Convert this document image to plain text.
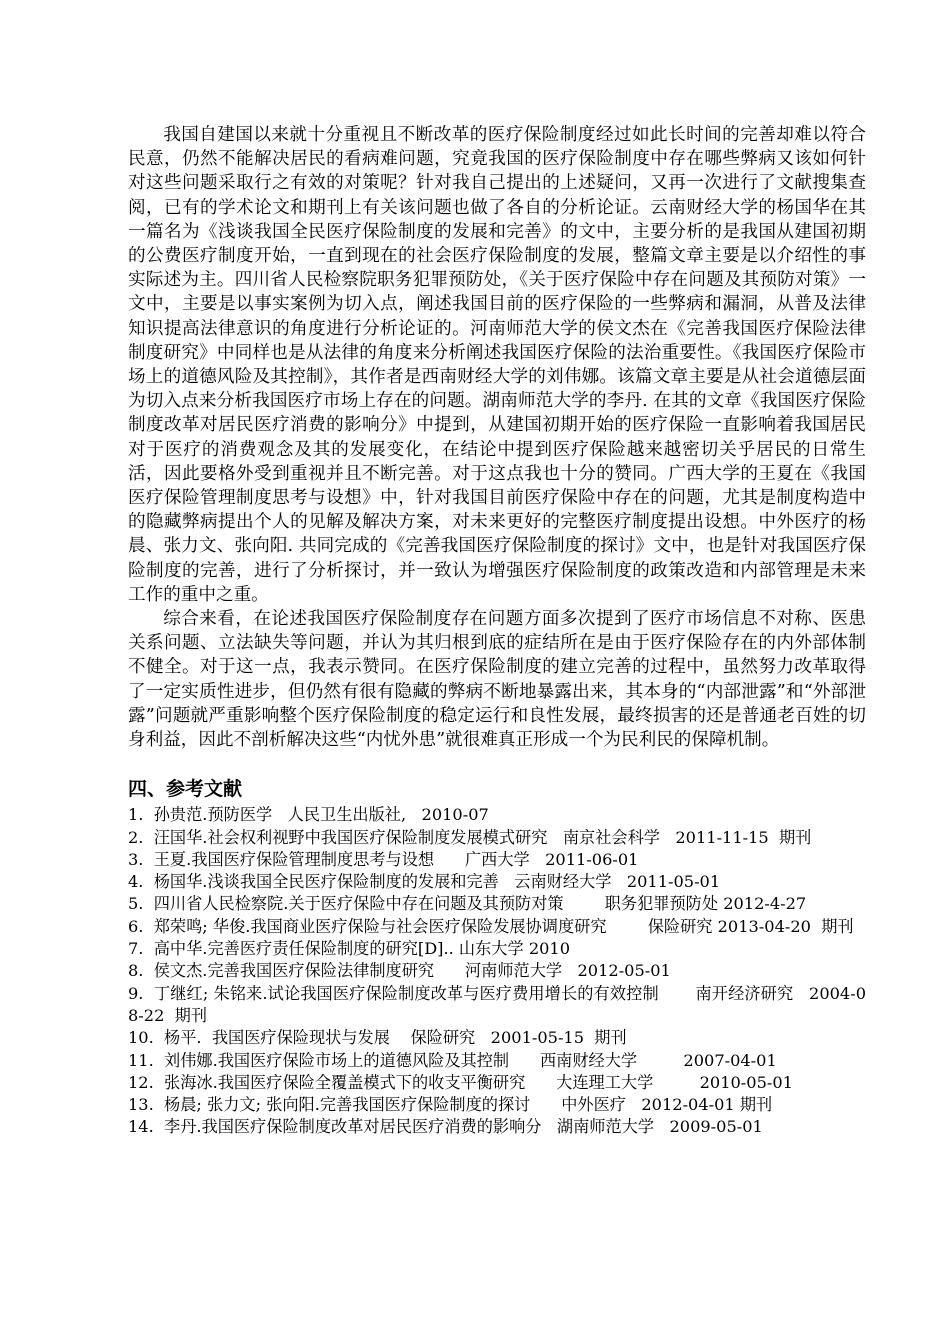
我国自建国以来就十分重视且不断改革的医疗保险制度经过如此长时间的完善却难以符合民意，仍然不能解决居民的看病难问题，究竟我国的医疗保险制度中存在哪些弊病又该如何针对这些问题采取行之有效的对策呢？针对我自己提出的上述疑问，又再一次进行了文献搜集查阅，已有的学术论文和期刊上有关该问题也做了各自的分析论证。云南财经大学的杨国华在其一篇名为《浅谈我国全民医疗保险制度的发展和完善》的文中，主要分析的是我国从建国初期的公费医疗制度开始，一直到现在的社会医疗保险制度的发展，整篇文章主要是以介绍性的事实际述为主。四川省人民检察院职务犯罪预防处，《关于医疗保险中存在问题及其预防对策》一文中，主要是以事实案例为切入点，阐述我国目前的医疗保险的一些弊病和漏洞，从普及法律知识提高法律意识的角度进行分析论证的。河南师范大学的侯文杰在《完善我国医疗保险法律制度研究》中同样也是从法律的角度来分析阐述我国医疗保险的法治重要性。《我国医疗保险市场上的道德风险及其控制》，其作者是西南财经大学的刘伟娜。该篇文章主要是从社会道德层面为切入点来分析我国医疗市场上存在的问题。湖南师范大学的李丹. 在其的文章《我国医疗保险制度改革对居民医疗消费的影响分》中提到，从建国初期开始的医疗保险一直影响着我国居民对于医疗的消费观念及其的发展变化，在结论中提到医疗保险越来越密切关乎居民的日常生活，因此要格外受到重视并且不断完善。对于这点我也十分的赞同。广西大学的王夏在《我国医疗保险管理制度思考与设想》中，针对我国目前医疗保险中存在的问题，尤其是制度构造中的隐藏弊病提出个人的见解及解决方案，对未来更好的完整医疗制度提出设想。中外医疗的杨晨、张力文、张向阳. 共同完成的《完善我国医疗保险制度的探讨》文中，也是针对我国医疗保险制度的完善，进行了分析探讨，并一致认为增强医疗保险制度的政策改造和内部管理是未来工作的重中之重。

综合来看，在论述我国医疗保险制度存在问题方面多次提到了医疗市场信息不对称、医患关系问题、立法缺失等问题，并认为其归根到底的症结所在是由于医疗保险存在的内外部体制不健全。对于这一点，我表示赞同。在医疗保险制度的建立完善的过程中，虽然努力改革取得了一定实质性进步，但仍然有很有隐藏的弊病不断地暴露出来，其本身的“内部泄露”和“外部泄露”问题就严重影响整个医疗保险制度的稳定运行和良性发展，最终损害的还是普通老百姓的切身利益，因此不剖析解决这些“内忧外患”就很难真正形成一个为民利民的保障机制。

四、参考文献
1.  孙贵范.预防医学   人民卫生出版社,   2010-07
2.  汪国华.社会权利视野中我国医疗保险制度发展模式研究   南京社会科学   2011-11-15  期刊
3.  王夏.我国医疗保险管理制度思考与设想      广西大学   2011-06-01
4.  杨国华.浅谈我国全民医疗保险制度的发展和完善   云南财经大学   2011-05-01
5.  四川省人民检察院.关于医疗保险中存在问题及其预防对策        职务犯罪预防处 2012-4-27
6.  郑荣鸣; 华俊.我国商业医疗保险与社会医疗保险发展协调度研究        保险研究 2013-04-20  期刊
7.  高中华.完善医疗责任保险制度的研究[D].. 山东大学 2010
8.  侯文杰.完善我国医疗保险法律制度研究      河南师范大学   2012-05-01
9.  丁继红; 朱铭来.试论我国医疗保险制度改革与医疗费用增长的有效控制       南开经济研究   2004-08-22  期刊
10.  杨平.  我国医疗保险现状与发展    保险研究   2001-05-15  期刊
11.  刘伟娜.我国医疗保险市场上的道德风险及其控制      西南财经大学         2007-04-01
12.  张海冰.我国医疗保险全覆盖模式下的收支平衡研究      大连理工大学         2010-05-01
13.  杨晨; 张力文; 张向阳.完善我国医疗保险制度的探讨      中外医疗   2012-04-01 期刊
14.  李丹.我国医疗保险制度改革对居民医疗消费的影响分   湖南师范大学   2009-05-01
